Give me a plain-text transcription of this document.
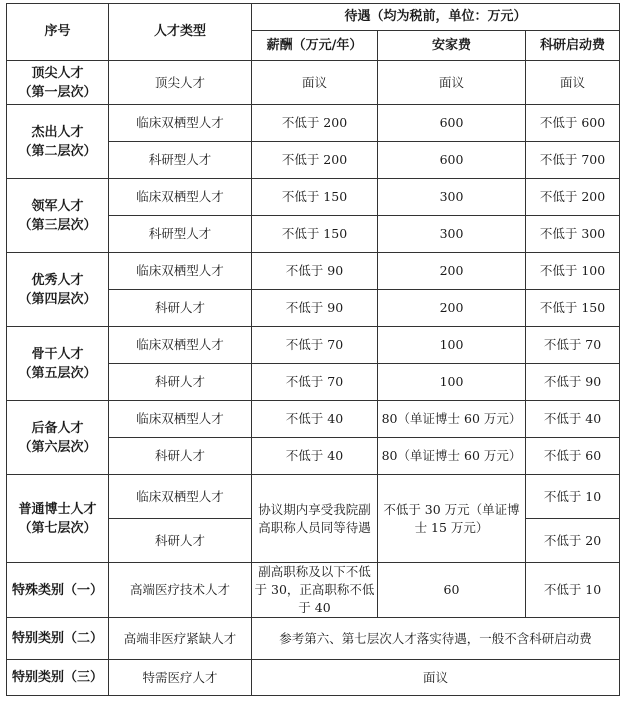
序号	人才类型	待遇（均为税前，单位：万元）		
		薪酬（万元/年）	安家费	科研启动费

顶尖人才
（第一层次）	顶尖人才	面议	面议	面议

杰出人才
（第二层次）	临床双栖型人才	不低于 200	600	不低于 600
	科研型人才	不低于 200	600	不低于 700

领军人才
（第三层次）	临床双栖型人才	不低于 150	300	不低于 200
	科研型人才	不低于 150	300	不低于 300

优秀人才
（第四层次）	临床双栖型人才	不低于 90	200	不低于 100
	科研人才	不低于 90	200	不低于 150

骨干人才
（第五层次）	临床双栖型人才	不低于 70	100	不低于 70
	科研人才	不低于 70	100	不低于 90

后备人才
（第六层次）	临床双栖型人才	不低于 40	80（单证博士 60 万元）	不低于 40
	科研人才	不低于 40	80（单证博士 60 万元）	不低于 60

普通博士人才
（第七层次）	临床双栖型人才	协议期内享受我院副高职称人员同等待遇	不低于 30 万元（单证博士 15 万元）	不低于 10
	科研人才			不低于 20
特殊类别（一）	高端医疗技术人才	副高职称及以下不低于 30，正高职称不低于 40	60	不低于 10
特别类别（二）	高端非医疗紧缺人才	参考第六、第七层次人才落实待遇，一般不含科研启动费		
特别类别（三）	特需医疗人才	面议		
